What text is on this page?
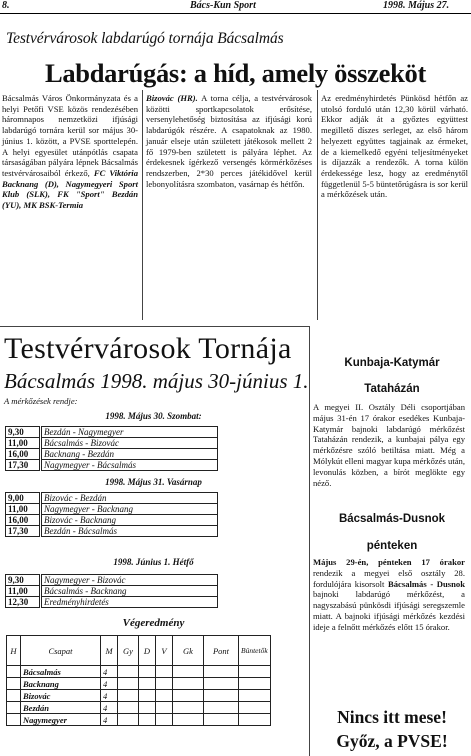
8.	Bács-Kun Sport	1998. Május 27.
Testvérvárosok labdarúgó tornája Bácsalmás
Labdarúgás: a híd, amely összeköt

Bácsalmás Város Önkormányzata és a helyi Petőfi VSE közös rendezésében háromnapos nemzetközi ifjúsági labdarúgó tornára kerül sor május 30-június 1. között, a PVSE sporttelepén. A helyi egyesület utánpótlás csapata társaságában pályára lépnek Bácsalmás testvérvárosaiból érkező, FC Viktória Backnang (D), Nagymegyeri Sport Klub (SLK), FK "Sport" Bezdán (YU), MK BSK-Termia

Bizovác (HR). A torna célja, a testvérvárosok közötti sportkapcsolatok erősítése, versenylehetőség biztosítása az ifjúsági korú labdarúgók részére. A csapatoknak az 1980. január elseje után született játékosok mellett 2 fő 1979-ben született is pályára léphet. Az érdekesnek ígérkező versengés körmérkőzéses rendszerben, 2*30 perces játékidővel kerül lebonyolításra szombaton, vasárnap és hétfőn.

Az eredményhirdetés Pünkösd hétfőn az utolsó forduló után 12,30 körül várható. Ekkor adják át a győztes együttest megillető díszes serleget, az első három helyezett együttes tagjainak az érmeket, de a kiemelkedő egyéni teljesítményeket is díjazzák a rendezők. A torna külön érdekessége lesz, hogy az eredménytől függetlenül 5-5 büntetőrúgásra is sor kerül a mérkőzések után.

Testvérvárosok Tornája
Bácsalmás 1998. május 30-június 1.
A mérkőzések rendje:
1998. Május 30. Szombat:
9,30	Bezdán - Nagymegyer
11,00	Bácsalmás - Bizovác
16,00	Backnang - Bezdán
17,30	Nagymegyer - Bácsalmás
1998. Május 31. Vasárnap
9,00	Bizovác - Bezdán
11,00	Nagymegyer - Backnang
16,00	Bizovác - Backnang
17,30	Bezdán - Bácsalmás
1998. Június 1. Hétfő
9,30	Nagymegyer - Bizovác
11,00	Bácsalmás - Backnang
12,30	Eredményhirdetés
Végeredmény
H	Csapat	M	Gy	D	V	Gk	Pont	Büntetők
	Bácsalmás	4						
	Backnang	4						
	Bizovác	4						
	Bezdán	4						
	Nagymegyer	4						
Kunbaja-Katymár
Tataházán
A megyei II. Osztály Déli csoportjában május 31-én 17 órakor esedékes Kunbaja-Katymár bajnoki labdarúgó mérkőzést Tataházán rendezik, a kunbajai pálya egy mérkőzésre szóló betiltása miatt. Még a Mólykút elleni magyar kupa mérkőzés után, levonulás közben, a bírót meglökte egy néző.
Bácsalmás-Dusnok
pénteken
Május 29-én, pénteken 17 órakor rendezik a megyei első osztály 28. fordulójára kisorsolt Bácsalmás - Dusnok bajnoki labdarúgó mérkőzést, a nagyszabású pünkösdi ifjúsági seregszemle miatt. A bajnoki ifjúsági mérkőzés kezdési ideje a felnőtt mérkőzés előtt 15 órakor.
Nincs itt mese!
Győz, a PVSE!
